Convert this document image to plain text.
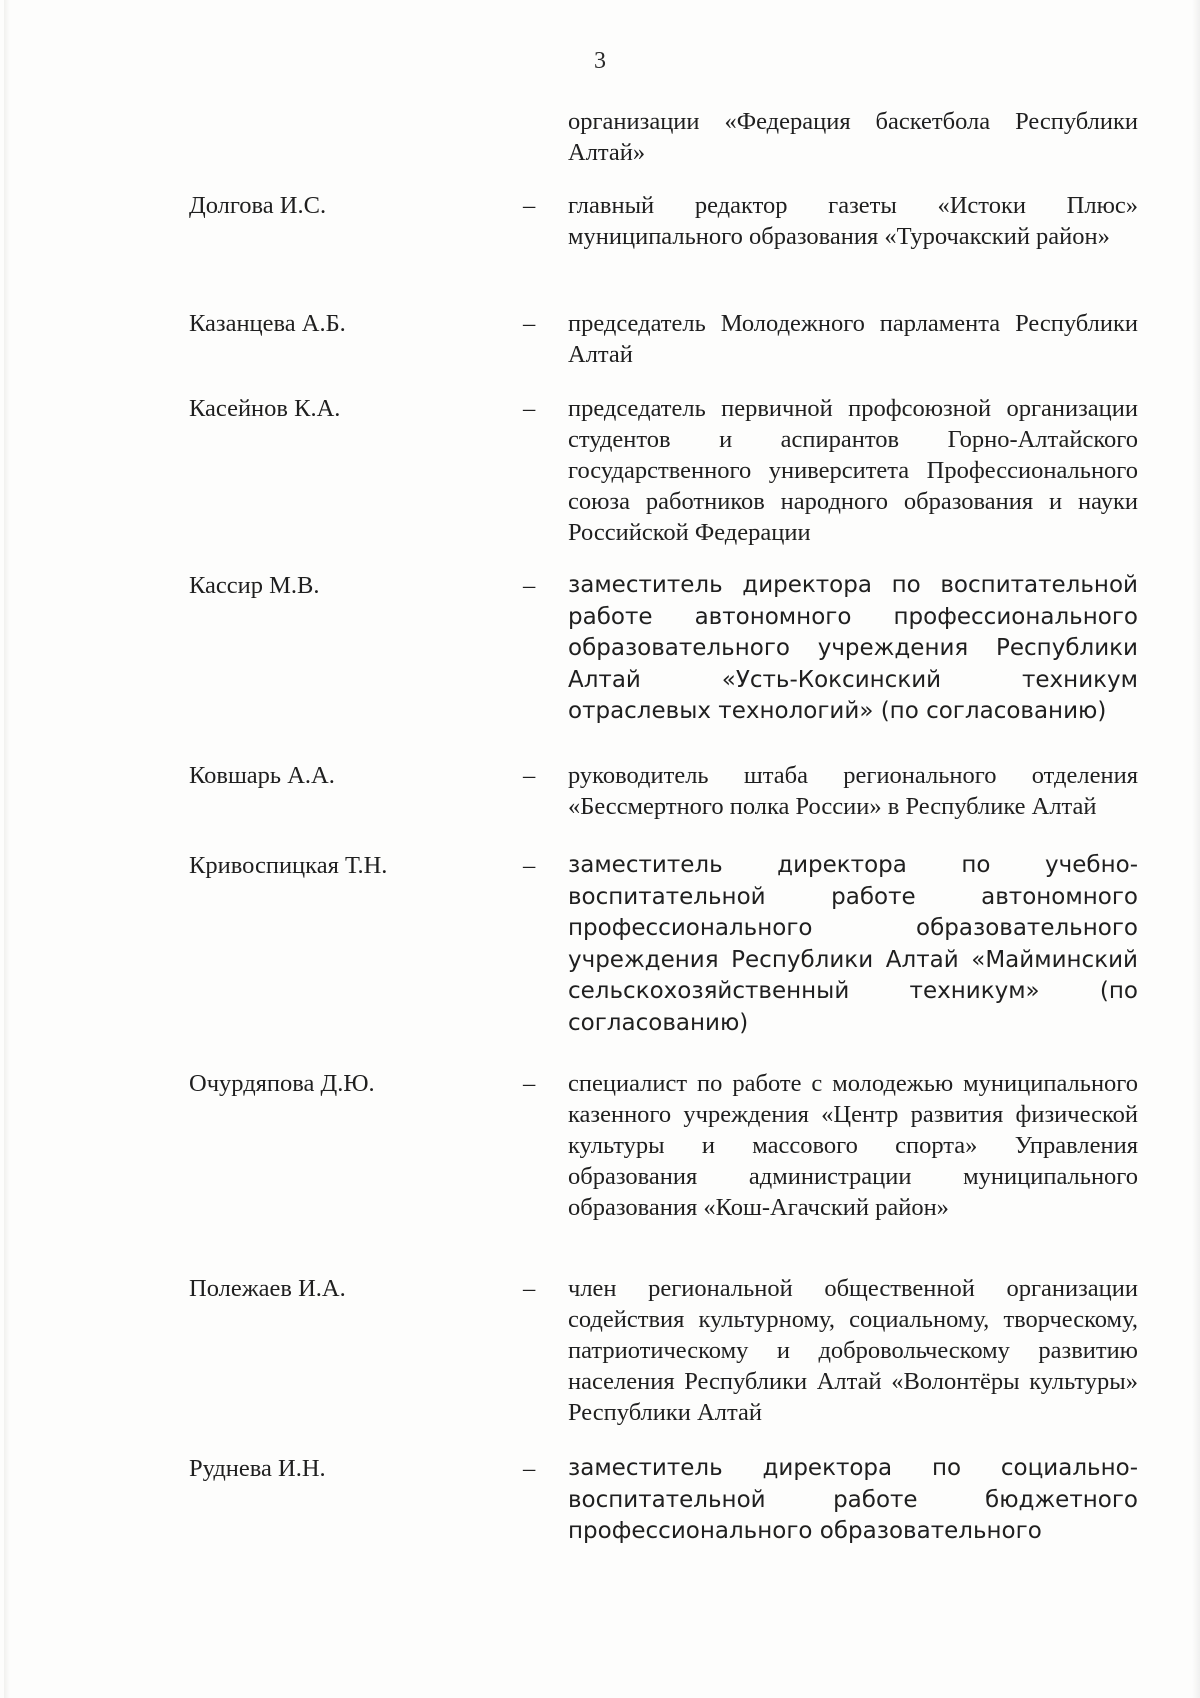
3
организации «Федерация баскетбола Республики Алтай»
Долгова И.С.	– главный редактор газеты «Истоки Плюс» муниципального образования «Турочакский район»
Казанцева А.Б.	– председатель Молодежного парламента Республики Алтай
Касейнов К.А.	– председатель первичной профсоюзной организации студентов и аспирантов Горно-Алтайского государственного университета Профессионального союза работников народного образования и науки Российской Федерации
Кассир М.В.	– заместитель директора по воспитательной работе автономного профессионального образовательного учреждения Республики Алтай «Усть-Коксинский техникум отраслевых технологий» (по согласованию)
Ковшарь А.А.	– руководитель штаба регионального отделения «Бессмертного полка России» в Республике Алтай
Кривоспицкая Т.Н.	– заместитель директора по учебно-воспитательной работе автономного профессионального образовательного учреждения Республики Алтай «Майминский сельскохозяйственный техникум» (по согласованию)
Очурдяпова Д.Ю.	– специалист по работе с молодежью муниципального казенного учреждения «Центр развития физической культуры и массового спорта» Управления образования администрации муниципального образования «Кош-Агачский район»
Полежаев И.А.	– член региональной общественной организации содействия культурному, социальному, творческому, патриотическому и добровольческому развитию населения Республики Алтай «Волонтёры культуры» Республики Алтай
Руднева И.Н.	– заместитель директора по социально-воспитательной работе бюджетного профессионального образовательного
